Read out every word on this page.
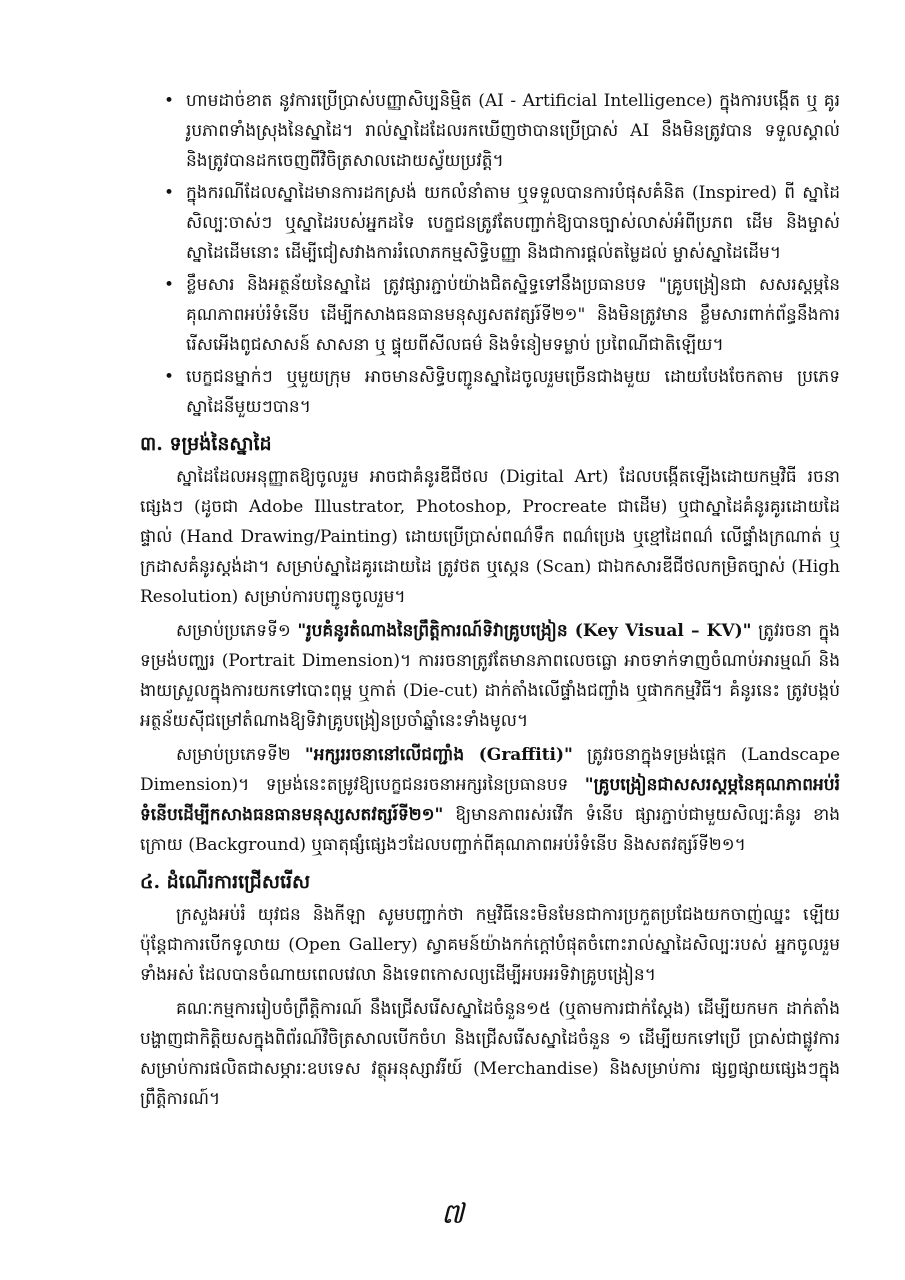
• ហាមដាច់ខាត នូវការប្រើប្រាស់បញ្ញាសិប្បនិម្មិត (AI - Artificial Intelligence) ក្នុងការបង្កើត ឬ គូររូបភាពទាំងស្រុងនៃស្នាដៃ។ រាល់ស្នាដៃដែលរកឃើញថាបានប្រើប្រាស់ AI នឹងមិនត្រូវបាន ទទួលស្គាល់ និងត្រូវបានដកចេញពីវិចិត្រសាលដោយស្វ័យប្រវត្តិ។
• ក្នុងករណីដែលស្នាដៃមានការដកស្រង់ យកលំនាំតាម ឬទទួលបានការបំផុសគំនិត (Inspired) ពី ស្នាដៃសិល្បៈចាស់ៗ ឬស្នាដៃរបស់អ្នកដទៃ បេក្ខជនត្រូវតែបញ្ជាក់ឱ្យបានច្បាស់លាស់អំពីប្រភព ដើម និងម្ចាស់ស្នាដៃដើមនោះ ដើម្បីជៀសវាងការរំលោភកម្មសិទ្ធិបញ្ញា និងជាការផ្តល់តម្លៃដល់ ម្ចាស់ស្នាដៃដើម។
• ខ្លឹមសារ និងអត្ថន័យនៃស្នាដៃ ត្រូវផ្សារភ្ជាប់យ៉ាងជិតស្និទ្ធទៅនឹងប្រធានបទ "គ្រូបង្រៀនជា សសរស្តម្ភនៃគុណភាពអប់រំទំនើប ដើម្បីកសាងធនធានមនុស្សសតវត្សរ៍ទី២១" និងមិនត្រូវមាន ខ្លឹមសារពាក់ព័ន្ធនឹងការរើសអើងពូជសាសន៍ សាសនា ឬ ផ្ទុយពីសីលធម៌ និងទំនៀមទម្លាប់ ប្រពៃណីជាតិឡើយ។
• បេក្ខជនម្នាក់ៗ ឬមួយក្រុម អាចមានសិទ្ធិបញ្ជូនស្នាដៃចូលរួមច្រើនជាងមួយ ដោយបែងចែកតាម ប្រភេទស្នាដៃនីមួយៗបាន។
៣. ទម្រង់នៃស្នាដៃ

ស្នាដៃដែលអនុញ្ញាតឱ្យចូលរួម អាចជាគំនូរឌីជីថល (Digital Art) ដែលបង្កើតឡើងដោយកម្មវិធី រចនាផ្សេងៗ (ដូចជា Adobe Illustrator, Photoshop, Procreate ជាដើម) ឬជាស្នាដៃគំនូរគូរដោយដៃ ផ្ទាល់ (Hand Drawing/Painting) ដោយប្រើប្រាស់ពណ៌ទឹក ពណ៌ប្រេង ឬខ្មៅដៃពណ៌ លើផ្ទាំងក្រណាត់ ឬ ក្រដាសគំនូរស្តង់ដា។ សម្រាប់ស្នាដៃគូរដោយដៃ ត្រូវថត ឬស្កេន (Scan) ជាឯកសារឌីជីថលកម្រិតច្បាស់ (High Resolution) សម្រាប់ការបញ្ជូនចូលរួម។

សម្រាប់ប្រភេទទី១ "រូបគំនូរតំណាងនៃព្រឹត្តិការណ៍ទិវាគ្រូបង្រៀន (Key Visual – KV)" ត្រូវរចនា ក្នុងទម្រង់បញ្ឈរ (Portrait Dimension)។ ការរចនាត្រូវតែមានភាពលេចធ្លោ អាចទាក់ទាញចំណាប់អារម្មណ៍ និងងាយស្រួលក្នុងការយកទៅបោះពុម្ព ឬកាត់ (Die-cut) ដាក់តាំងលើផ្ទាំងជញ្ជាំង ឬផាកកម្មវិធី។ គំនូរនេះ ត្រូវបង្កប់អត្ថន័យស៊ីជម្រៅតំណាងឱ្យទិវាគ្រូបង្រៀនប្រចាំឆ្នាំនេះទាំងមូល។

សម្រាប់ប្រភេទទី២ "អក្សររចនានៅលើជញ្ជាំង (Graffiti)" ត្រូវរចនាក្នុងទម្រង់ផ្តេក (Landscape Dimension)។ ទម្រង់នេះតម្រូវឱ្យបេក្ខជនរចនាអក្សរនៃប្រធានបទ "គ្រូបង្រៀនជាសសរស្តម្ភនៃគុណភាពអប់រំទំនើបដើម្បីកសាងធនធានមនុស្សសតវត្សរ៍ទី២១" ឱ្យមានភាពរស់រវើក ទំនើប ផ្សារភ្ជាប់ជាមួយសិល្បៈគំនូរ ខាងក្រោយ (Background) ឬធាតុផ្សំផ្សេងៗដែលបញ្ជាក់ពីគុណភាពអប់រំទំនើប និងសតវត្សរ៍ទី២១។

៤. ដំណើរការជ្រើសរើស

ក្រសួងអប់រំ យុវជន និងកីឡា សូមបញ្ជាក់ថា កម្មវិធីនេះមិនមែនជាការប្រកួតប្រជែងយកចាញ់ឈ្នះ ឡើយ ប៉ុន្តែជាការបើកទូលាយ (Open Gallery) ស្វាគមន៍យ៉ាងកក់ក្តៅបំផុតចំពោះរាល់ស្នាដៃសិល្បៈរបស់ អ្នកចូលរួមទាំងអស់ ដែលបានចំណាយពេលវេលា និងទេពកោសល្យដើម្បីអបអរទិវាគ្រូបង្រៀន។

គណៈកម្មការរៀបចំព្រឹត្តិការណ៍ នឹងជ្រើសរើសស្នាដៃចំនួន១៥ (ឬតាមការជាក់ស្តែង) ដើម្បីយកមក ដាក់តាំងបង្ហាញជាកិត្តិយសក្នុងពិព័រណ៍វិចិត្រសាលបើកចំហ និងជ្រើសរើសស្នាដៃចំនួន ១ ដើម្បីយកទៅប្រើ ប្រាស់ជាផ្លូវការ សម្រាប់ការផលិតជាសម្ភារៈឧបទេស វត្ថុអនុស្សាវរីយ៍ (Merchandise) និងសម្រាប់ការ ផ្សព្វផ្សាយផ្សេងៗក្នុងព្រឹត្តិការណ៍។

៧
